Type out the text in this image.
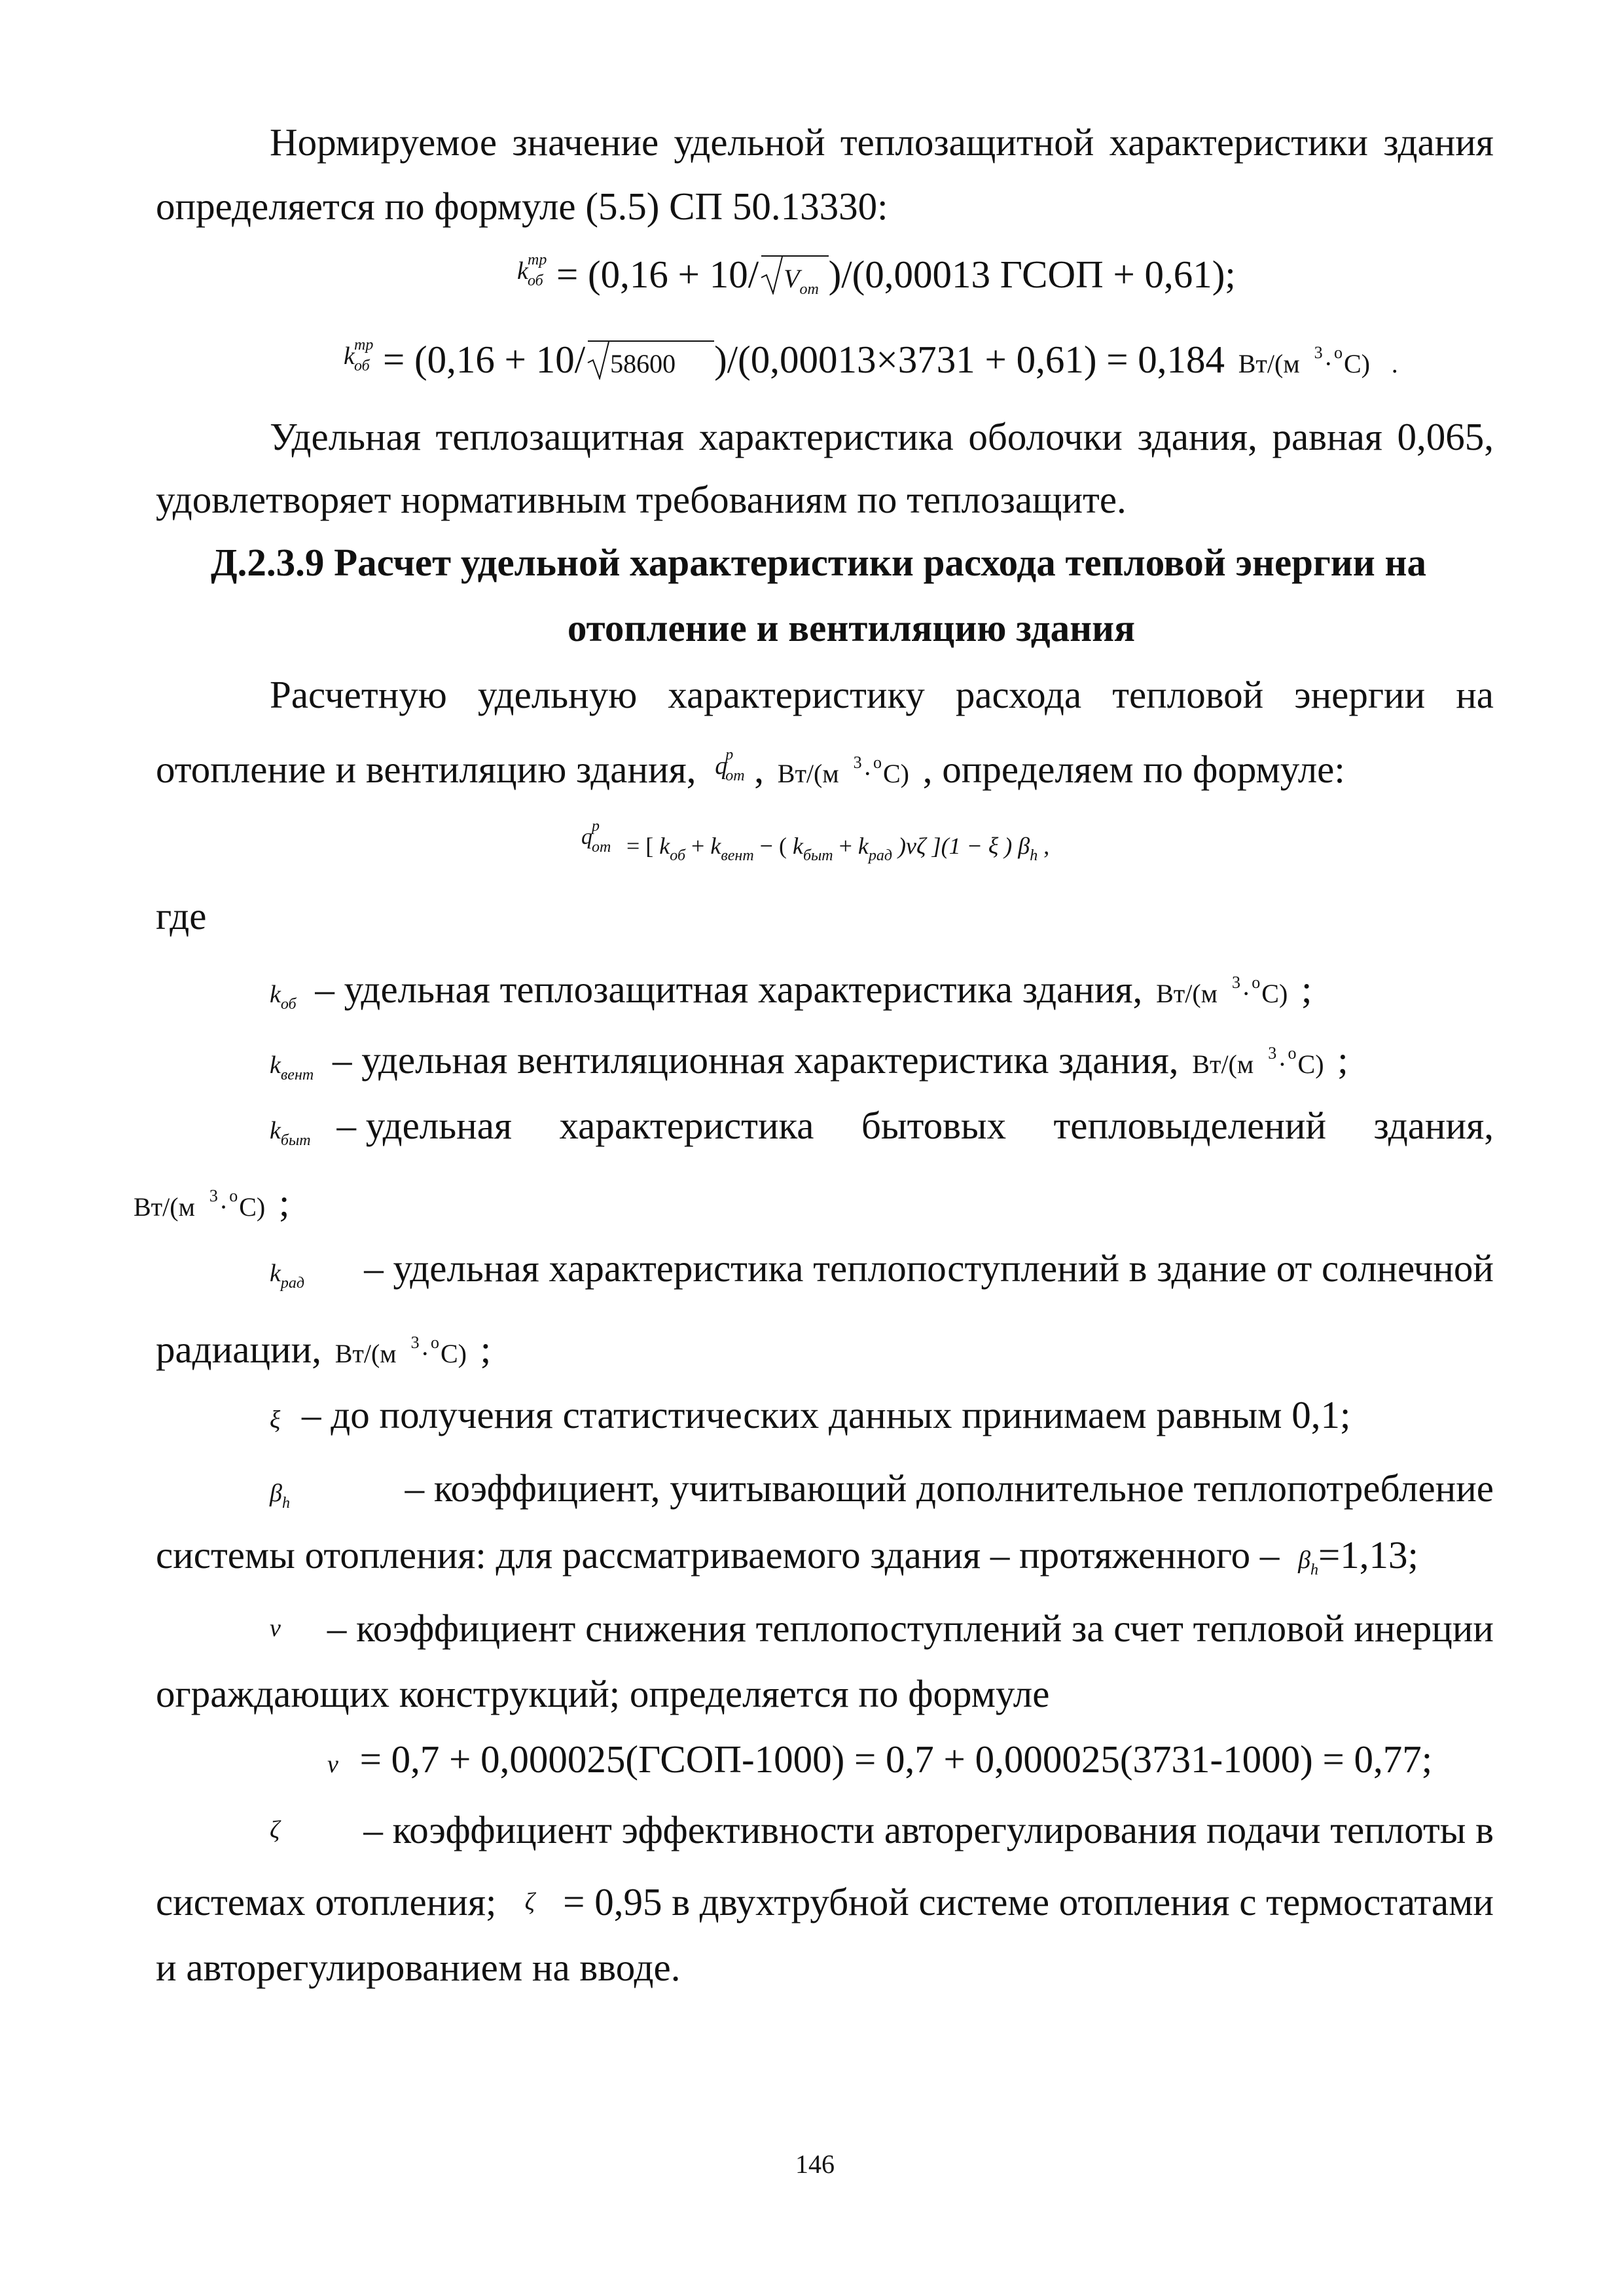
Нормируемое значение удельной теплозащитной характеристики здания
определяется по формуле (5.5) СП 50.13330:
k тр
об = (0,16 + 10/ $V_{от}$ )/(0,00013 ГСОП + 0,61);
k тр
об = (0,16 + 10/ 58600 )/(0,00013×3731 + 0,61) = 0,184 Вт/(м $^3$·$^о$С) .
Удельная теплозащитная характеристика оболочки здания, равная 0,065,
удовлетворяет нормативным требованиям по теплозащите.
Д.2.3.9 Расчет удельной характеристики расхода тепловой энергии на
отопление и вентиляцию здания
Расчетную удельную характеристику расхода тепловой энергии на
отопление и вентиляцию здания, q
р
от , Вт/(м $^3$·$^о$С) , определяем по формуле:
q р
от = [ $k_{об} + k_{вент}$ − ( $k_{быт} + k_{рад}$ )νζ ](1 − ξ ) $\beta_h$ ,
где
$k_{об}$ – удельная теплозащитная характеристика здания, Вт/(м $^3$·$^о$С) ;
$k_{вент}$ – удельная вентиляционная характеристика здания, Вт/(м $^3$·$^о$С) ;
$k_{быт}$ – удельная характеристика бытовых тепловыделений здания,
Вт/(м $^3$·$^о$С) ;
$k_{рад}$ – удельная характеристика теплопоступлений в здание от солнечной
радиации, Вт/(м $^3$·$^о$С) ;
ξ – до получения статистических данных принимаем равным 0,1;
$\beta_h$	– коэффициент, учитывающий дополнительное теплопотребление
системы отопления: для рассматриваемого здания – протяженного – $\beta_h=1,13$;
ν – коэффициент снижения теплопоступлений за счет тепловой инерции
ограждающих конструкций; определяется по формуле
ν = 0,7 + 0,000025(ГСОП-1000) = 0,7 + 0,000025(3731-1000) = 0,77;
ζ – коэффициент эффективности авторегулирования подачи теплоты в
системах отопления; ζ = 0,95 в двухтрубной системе отопления с термостатами
и авторегулированием на вводе.
146
